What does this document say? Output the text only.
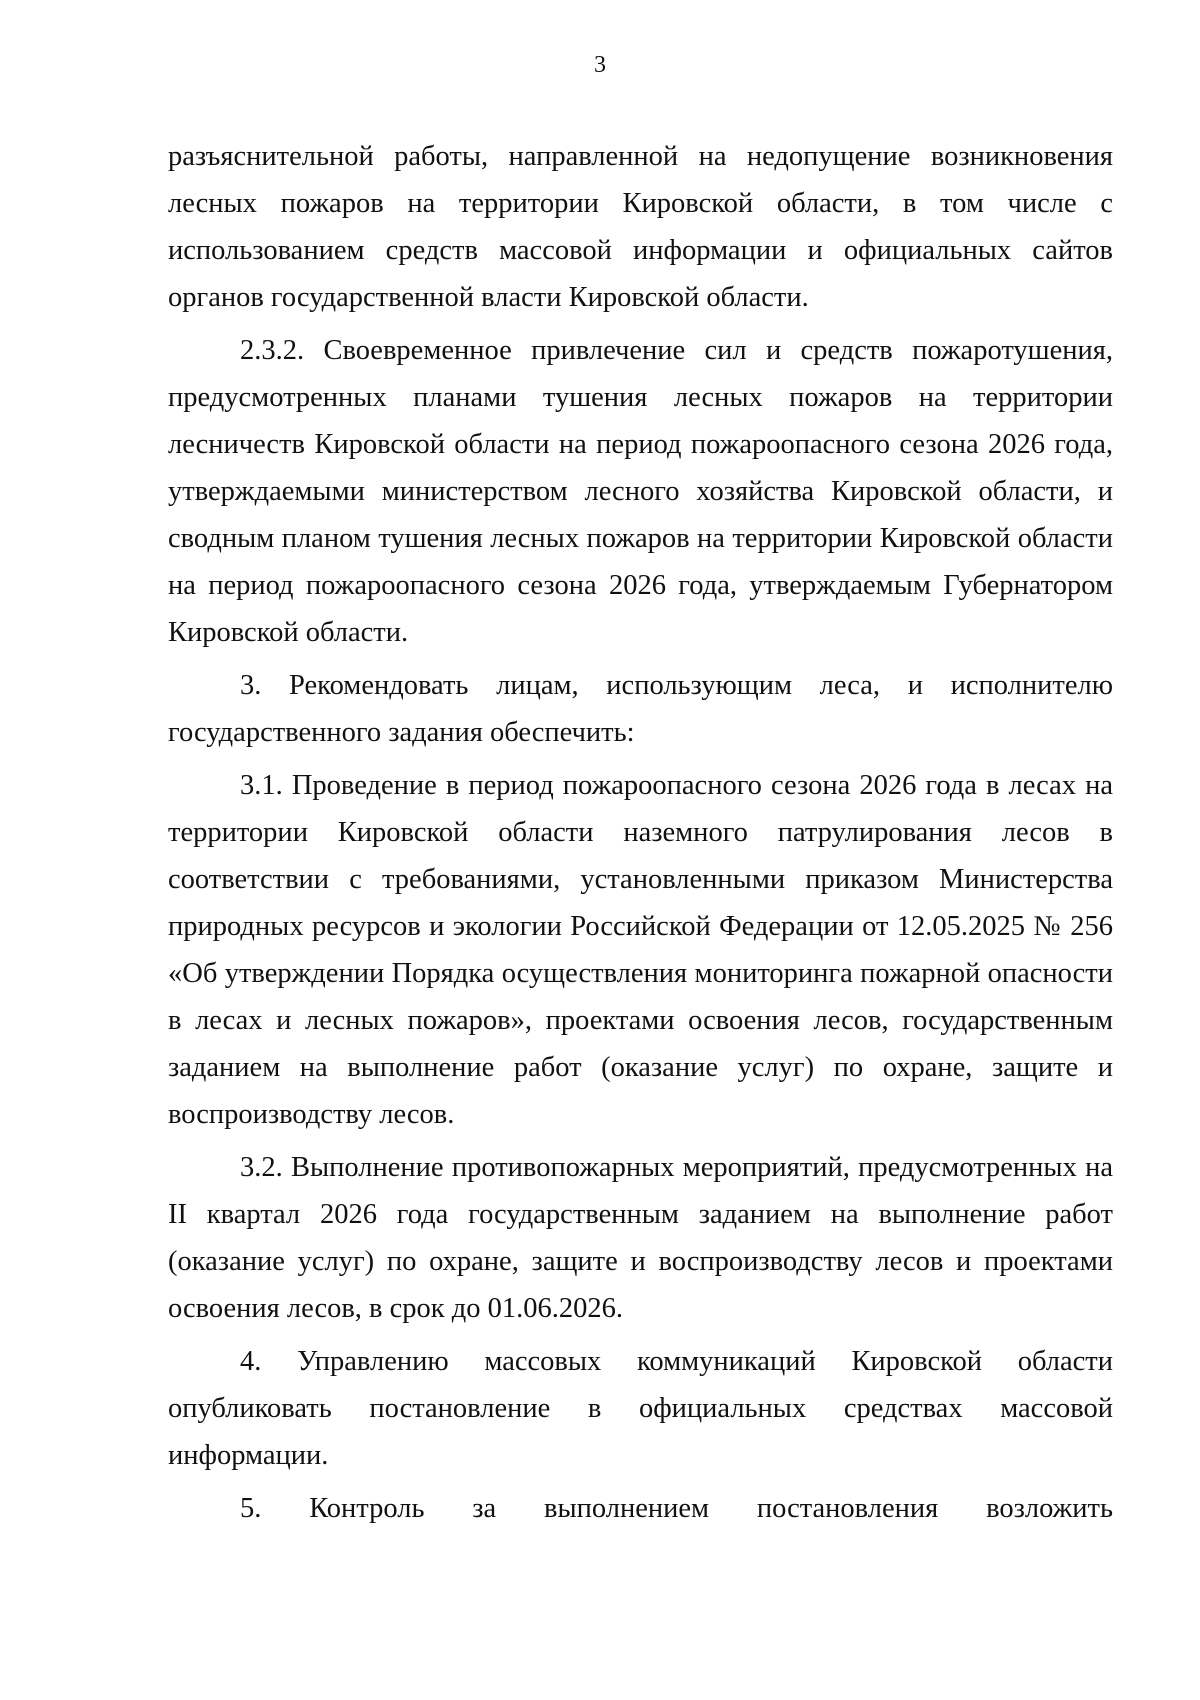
3

разъяснительной работы, направленной на недопущение возникновения лесных пожаров на территории Кировской области, в том числе с использованием средств массовой информации и официальных сайтов органов государственной власти Кировской области.

2.3.2. Своевременное привлечение сил и средств пожаротушения, предусмотренных планами тушения лесных пожаров на территории лесничеств Кировской области на период пожароопасного сезона 2026 года, утверждаемыми министерством лесного хозяйства Кировской области, и сводным планом тушения лесных пожаров на территории Кировской области на период пожароопасного сезона 2026 года, утверждаемым Губернатором Кировской области.

3. Рекомендовать лицам, использующим леса, и исполнителю государственного задания обеспечить:

3.1. Проведение в период пожароопасного сезона 2026 года в лесах на территории Кировской области наземного патрулирования лесов в соответствии с требованиями, установленными приказом Министерства природных ресурсов и экологии Российской Федерации от 12.05.2025 № 256 «Об утверждении Порядка осуществления мониторинга пожарной опасности в лесах и лесных пожаров», проектами освоения лесов, государственным заданием на выполнение работ (оказание услуг) по охране, защите и воспроизводству лесов.

3.2. Выполнение противопожарных мероприятий, предусмотренных на II квартал 2026 года государственным заданием на выполнение работ (оказание услуг) по охране, защите и воспроизводству лесов и проектами освоения лесов, в срок до 01.06.2026.

4. Управлению массовых коммуникаций Кировской области опубликовать постановление в официальных средствах массовой информации.

5. Контроль за выполнением постановления возложить
